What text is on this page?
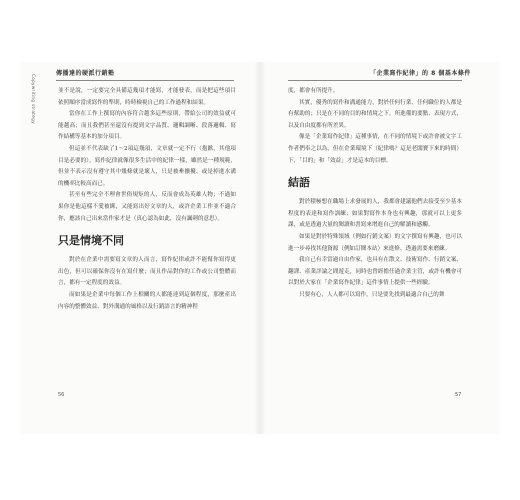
Copywriting strategy
傳播達的硬派行銷塾	「企業寫作紀律」的 8 個基本條件

並不是說，一定要完全具備這幾項才能寫，才能發表，而是把這些項目依照順序當成寫作的準則，時時檢視自己的工作過程和結果。

當你在工作上撰寫的內容符合越多這些原則，帶給公司的效益就可能越高；而且我們甚至還沒有提到文字品質、邏輯調晰、段落邏輯、寫作結構等基本的加分項目。

但這並不代表缺了1～2項這幾項，文章就一定不行（抱歉，其他項目是必要的），寫作紀律就像很多生活中的紀律一樣，雖然是一種規範，但並不表示沒有遵守其中幾條就是壞人，只是被牽擴擾、或是掉進水溝的機率比較高而已。

甚至有些完全不理會世俗規矩的人，反而會成為英雄人物；不過如果你是他這樣不愛被綁，又能寫出好文章的人，或許企業工作並不適合你，應該自己出來當作家才是（真心認為如此，沒有諷刺的意思）。

只是情境不同

對於在企業中需要寫文章的人而言，寫作紀律或許不能幫你寫得更出色，但可以確保你沒有在寫什麼；而且作品對你的工作或公司整體而言，都有一定程度的效益。

而如果是企業中每個工作上相關的人都能達到這個程度，那麼產出內容的整體效益、對外溝通的風格以及行銷語言的精神程

度，都會有所提升。

其實，優秀的寫作和溝通能力，對於任何行業、任何職位的人都是有幫助的；只是在不同的目的和情境之下，所進備的要點、表現方式，以及自由度都有所差異。

像是「企業寫作紀律」這種事情，在不同的情境下或許會被文字工作者們奉之以為，但在企業環境下（紀律嗎？這是老闆寶下來的時間）下，「目的」和「效益」才是這本的目標。

結語

對於積極想在職場上求發展的人，我都會建議他們去接受至少基本程度的表達和寫作訓練；如果對寫作本身也有興趣，那就可以上更多課，或是透過大量的閱讀和書寫來增進自己的解讀和感觸。

如果是對於特殊領域（例如行銷文案）的文字撰寫有興趣，也可以進一步尋找其他資源（例如訂閱本站）來進修、透過需要來磨練。

我自己有幸當過自由作家，也具有在散文、技術寫作、行銷文案、翻譯、產業評論之間遊走，同時也曾經擔任過企業主管，或許有機會可以對於大家在「企業寫作紀律」這件事情上提供一些經驗。

只要有心，人人都可以寫作，只是要先找到最適合自己的舞

56	57
